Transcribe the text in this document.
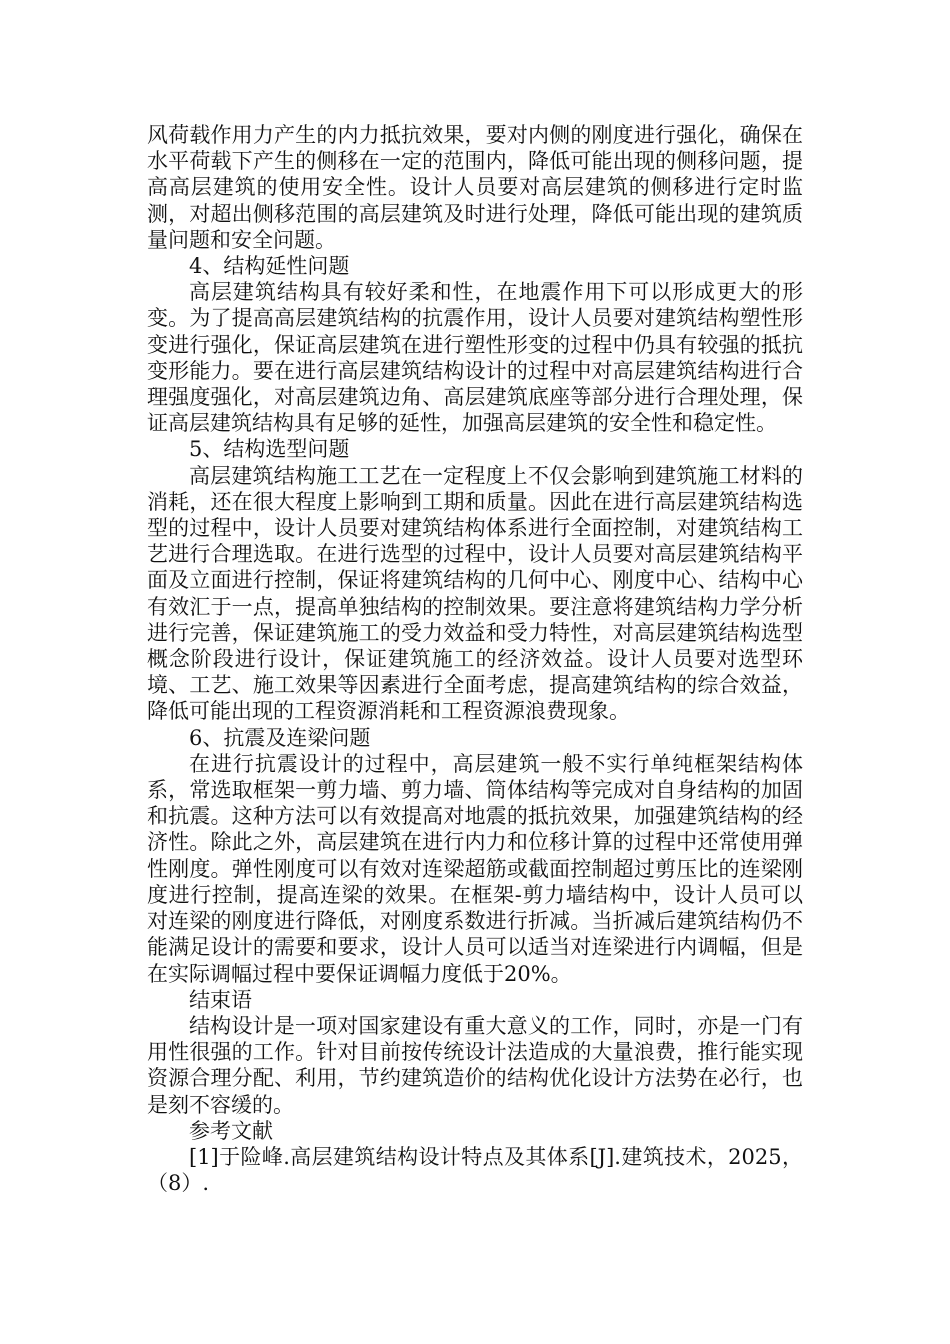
风荷载作用力产生的内力抵抗效果，要对内侧的刚度进行强化，确保在水平荷载下产生的侧移在一定的范围内，降低可能出现的侧移问题，提高高层建筑的使用安全性。设计人员要对高层建筑的侧移进行定时监测，对超出侧移范围的高层建筑及时进行处理，降低可能出现的建筑质量问题和安全问题。

4、结构延性问题

高层建筑结构具有较好柔和性，在地震作用下可以形成更大的形变。为了提高高层建筑结构的抗震作用，设计人员要对建筑结构塑性形变进行强化，保证高层建筑在进行塑性形变的过程中仍具有较强的抵抗变形能力。要在进行高层建筑结构设计的过程中对高层建筑结构进行合理强度强化，对高层建筑边角、高层建筑底座等部分进行合理处理，保证高层建筑结构具有足够的延性，加强高层建筑的安全性和稳定性。

5、结构选型问题

高层建筑结构施工工艺在一定程度上不仅会影响到建筑施工材料的消耗，还在很大程度上影响到工期和质量。因此在进行高层建筑结构选型的过程中，设计人员要对建筑结构体系进行全面控制，对建筑结构工艺进行合理选取。在进行选型的过程中，设计人员要对高层建筑结构平面及立面进行控制，保证将建筑结构的几何中心、刚度中心、结构中心有效汇于一点，提高单独结构的控制效果。要注意将建筑结构力学分析进行完善，保证建筑施工的受力效益和受力特性，对高层建筑结构选型概念阶段进行设计，保证建筑施工的经济效益。设计人员要对选型环境、工艺、施工效果等因素进行全面考虑，提高建筑结构的综合效益，降低可能出现的工程资源消耗和工程资源浪费现象。

6、抗震及连梁问题

在进行抗震设计的过程中，高层建筑一般不实行单纯框架结构体系，常选取框架一剪力墙、剪力墙、筒体结构等完成对自身结构的加固和抗震。这种方法可以有效提高对地震的抵抗效果，加强建筑结构的经济性。除此之外，高层建筑在进行内力和位移计算的过程中还常使用弹性刚度。弹性刚度可以有效对连梁超筋或截面控制超过剪压比的连梁刚度进行控制，提高连梁的效果。在框架-剪力墙结构中，设计人员可以对连梁的刚度进行降低，对刚度系数进行折减。当折减后建筑结构仍不能满足设计的需要和要求，设计人员可以适当对连梁进行内调幅，但是在实际调幅过程中要保证调幅力度低于20%。

结束语

结构设计是一项对国家建设有重大意义的工作，同时，亦是一门有用性很强的工作。针对目前按传统设计法造成的大量浪费，推行能实现资源合理分配、利用，节约建筑造价的结构优化设计方法势在必行，也是刻不容缓的。

参考文献

[1]于险峰.高层建筑结构设计特点及其体系[J].建筑技术，2025，（8）.
